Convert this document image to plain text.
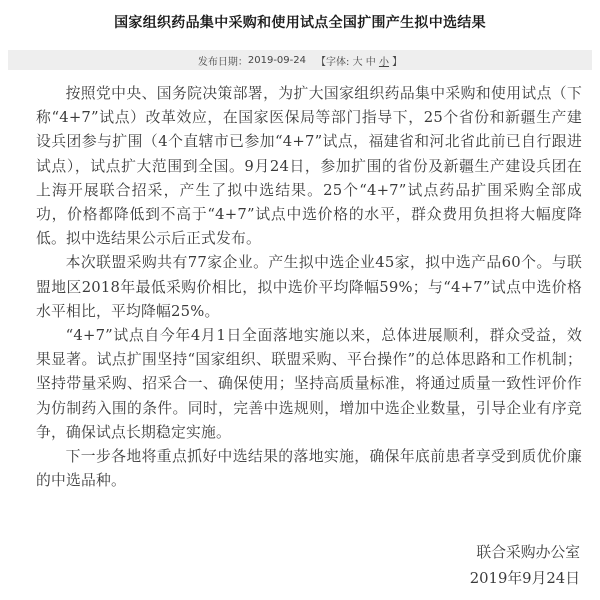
国家组织药品集中采购和使用试点全国扩围产生拟中选结果
发布日期： 2019-09-24 【字体: 大 中 小 】

按照党中央、国务院决策部署，为扩大国家组织药品集中采购和使用试点（下称“4+7”试点）改革效应，在国家医保局等部门指导下，25个省份和新疆生产建设兵团参与扩围（4个直辖市已参加“4+7”试点，福建省和河北省此前已自行跟进试点），试点扩大范围到全国。9月24日，参加扩围的省份及新疆生产建设兵团在上海开展联合招采，产生了拟中选结果。25个“4+7”试点药品扩围采购全部成功，价格都降低到不高于“4+7”试点中选价格的水平，群众费用负担将大幅度降低。拟中选结果公示后正式发布。

本次联盟采购共有77家企业。产生拟中选企业45家，拟中选产品60个。与联盟地区2018年最低采购价相比，拟中选价平均降幅59%；与“4+7”试点中选价格水平相比，平均降幅25%。

“4+7”试点自今年4月1日全面落地实施以来，总体进展顺利，群众受益，效果显著。试点扩围坚持“国家组织、联盟采购、平台操作”的总体思路和工作机制；坚持带量采购、招采合一、确保使用；坚持高质量标准，将通过质量一致性评价作为仿制药入围的条件。同时，完善中选规则，增加中选企业数量，引导企业有序竞争，确保试点长期稳定实施。

下一步各地将重点抓好中选结果的落地实施，确保年底前患者享受到质优价廉的中选品种。

联合采购办公室
2019年9月24日
